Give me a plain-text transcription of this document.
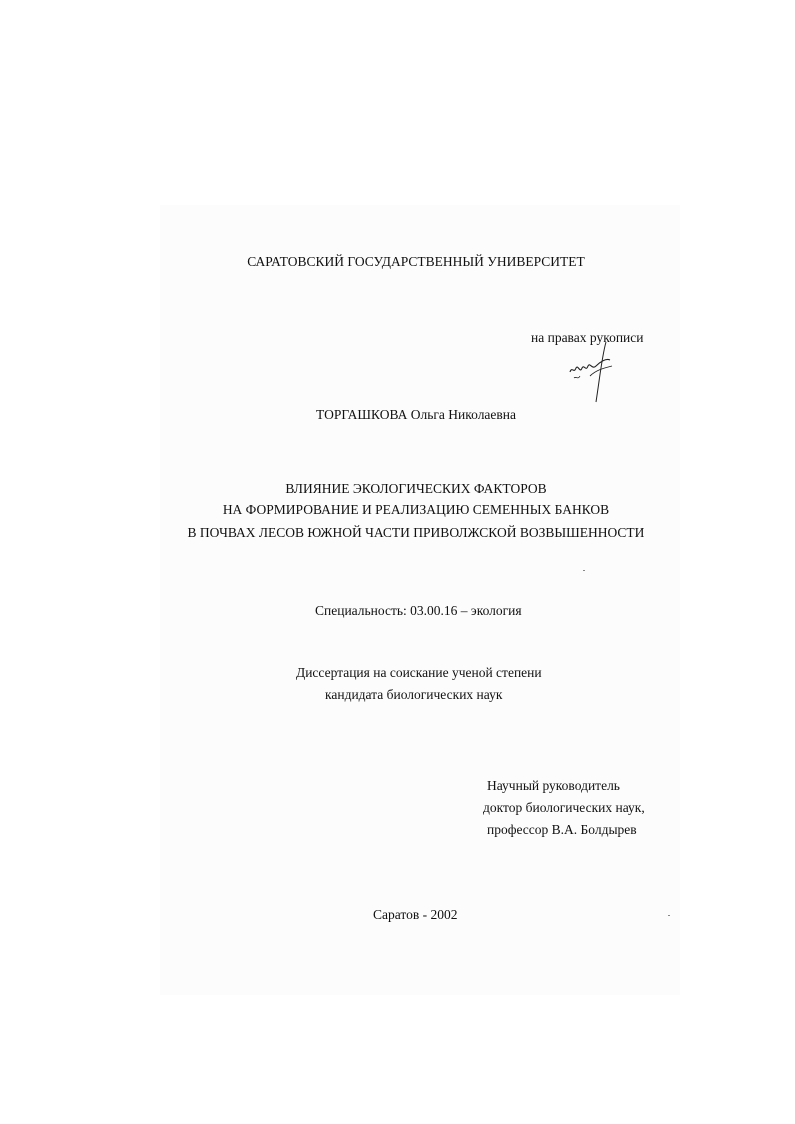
САРАТОВСКИЙ ГОСУДАРСТВЕННЫЙ УНИВЕРСИТЕТ
на правах рукописи
ТОРГАШКОВА Ольга Николаевна
ВЛИЯНИЕ ЭКОЛОГИЧЕСКИХ ФАКТОРОВ
НА ФОРМИРОВАНИЕ И РЕАЛИЗАЦИЮ СЕМЕННЫХ БАНКОВ
В ПОЧВАХ ЛЕСОВ ЮЖНОЙ ЧАСТИ ПРИВОЛЖСКОЙ ВОЗВЫШЕННОСТИ
Специальность: 03.00.16 – экология
Диссертация на соискание ученой степени
кандидата биологических наук
Научный руководитель
доктор биологических наук,
профессор В.А. Болдырев
Саратов - 2002
